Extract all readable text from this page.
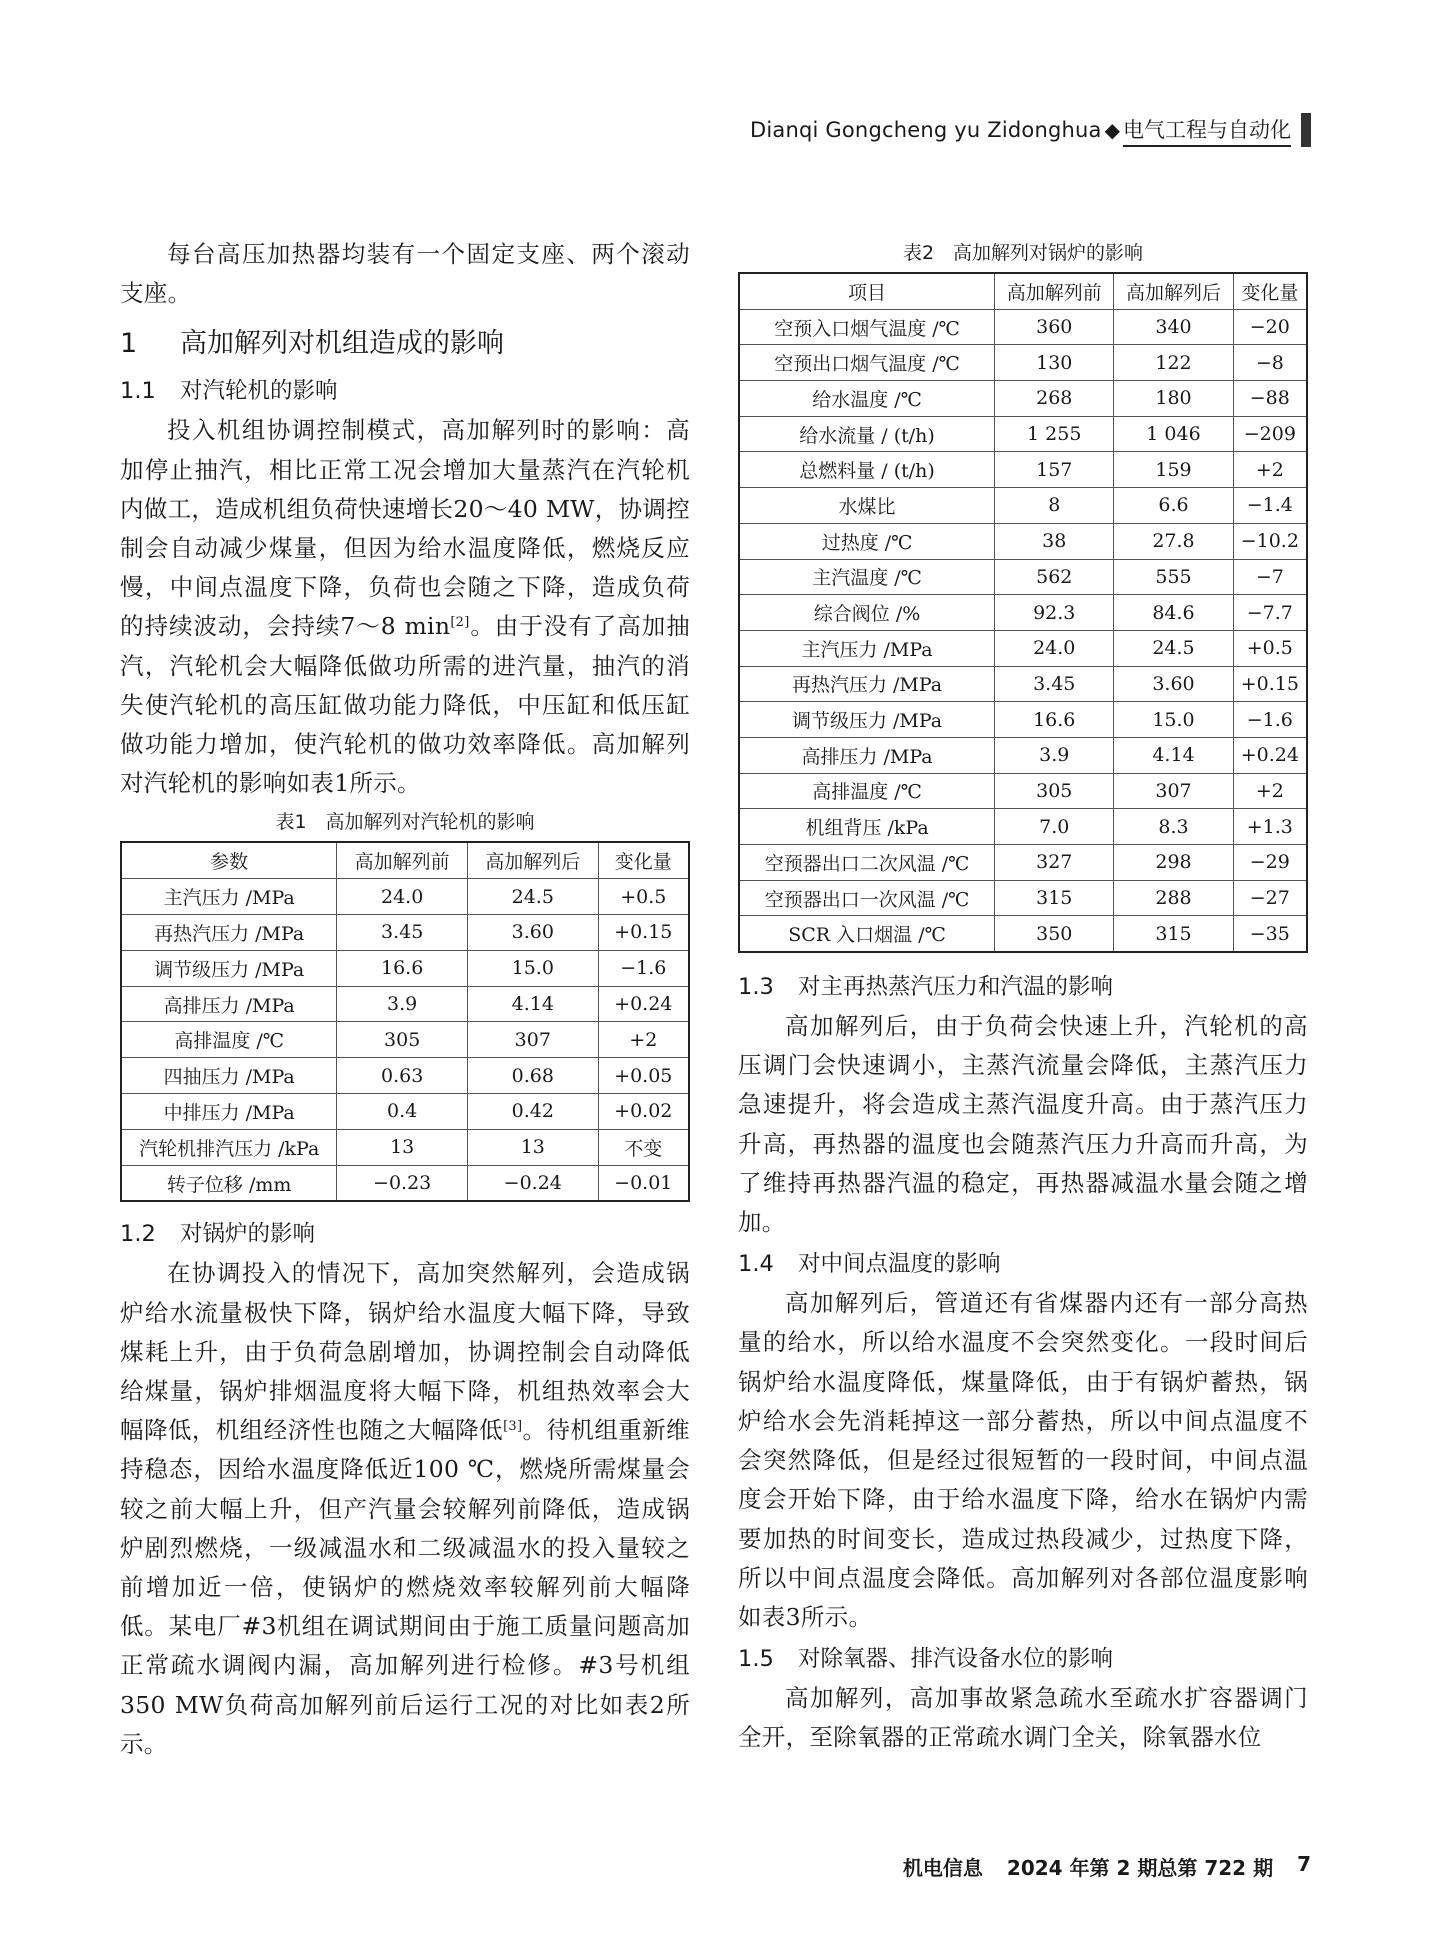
Dianqi Gongcheng yu Zidonghua ◆ 电气工程与自动化

每台高压加热器均装有一个固定支座、两个滚动支座。

1 高加解列对机组造成的影响
1.1 对汽轮机的影响

投入机组协调控制模式，高加解列时的影响：高加停止抽汽，相比正常工况会增加大量蒸汽在汽轮机内做工，造成机组负荷快速增长20～40 MW，协调控制会自动减少煤量，但因为给水温度降低，燃烧反应慢，中间点温度下降，负荷也会随之下降，造成负荷的持续波动，会持续7～8 min[2]。由于没有了高加抽汽，汽轮机会大幅降低做功所需的进汽量，抽汽的消失使汽轮机的高压缸做功能力降低，中压缸和低压缸做功能力增加，使汽轮机的做功效率降低。高加解列对汽轮机的影响如表1所示。

表1　高加解列对汽轮机的影响
参数	高加解列前	高加解列后	变化量
主汽压力 /MPa	24.0	24.5	+0.5
再热汽压力 /MPa	3.45	3.60	+0.15
调节级压力 /MPa	16.6	15.0	−1.6
高排压力 /MPa	3.9	4.14	+0.24
高排温度 /℃	305	307	+2
四抽压力 /MPa	0.63	0.68	+0.05
中排压力 /MPa	0.4	0.42	+0.02
汽轮机排汽压力 /kPa	13	13	不变
转子位移 /mm	−0.23	−0.24	−0.01
1.2 对锅炉的影响

在协调投入的情况下，高加突然解列，会造成锅炉给水流量极快下降，锅炉给水温度大幅下降，导致煤耗上升，由于负荷急剧增加，协调控制会自动降低给煤量，锅炉排烟温度将大幅下降，机组热效率会大幅降低，机组经济性也随之大幅降低[3]。待机组重新维持稳态，因给水温度降低近100 ℃，燃烧所需煤量会较之前大幅上升，但产汽量会较解列前降低，造成锅炉剧烈燃烧，一级减温水和二级减温水的投入量较之前增加近一倍，使锅炉的燃烧效率较解列前大幅降低。某电厂#3机组在调试期间由于施工质量问题高加正常疏水调阀内漏，高加解列进行检修。#3号机组350 MW负荷高加解列前后运行工况的对比如表2所示。

表2　高加解列对锅炉的影响
项目	高加解列前	高加解列后	变化量
空预入口烟气温度 /℃	360	340	−20
空预出口烟气温度 /℃	130	122	−8
给水温度 /℃	268	180	−88
给水流量 / (t/h)	1 255	1 046	−209
总燃料量 / (t/h)	157	159	+2
水煤比	8	6.6	−1.4
过热度 /℃	38	27.8	−10.2
主汽温度 /℃	562	555	−7
综合阀位 /%	92.3	84.6	−7.7
主汽压力 /MPa	24.0	24.5	+0.5
再热汽压力 /MPa	3.45	3.60	+0.15
调节级压力 /MPa	16.6	15.0	−1.6
高排压力 /MPa	3.9	4.14	+0.24
高排温度 /℃	305	307	+2
机组背压 /kPa	7.0	8.3	+1.3
空预器出口二次风温 /℃	327	298	−29
空预器出口一次风温 /℃	315	288	−27
SCR 入口烟温 /℃	350	315	−35
1.3 对主再热蒸汽压力和汽温的影响

高加解列后，由于负荷会快速上升，汽轮机的高压调门会快速调小，主蒸汽流量会降低，主蒸汽压力急速提升，将会造成主蒸汽温度升高。由于蒸汽压力升高，再热器的温度也会随蒸汽压力升高而升高，为了维持再热器汽温的稳定，再热器减温水量会随之增加。

1.4 对中间点温度的影响

高加解列后，管道还有省煤器内还有一部分高热量的给水，所以给水温度不会突然变化。一段时间后锅炉给水温度降低，煤量降低，由于有锅炉蓄热，锅炉给水会先消耗掉这一部分蓄热，所以中间点温度不会突然降低，但是经过很短暂的一段时间，中间点温度会开始下降，由于给水温度下降，给水在锅炉内需要加热的时间变长，造成过热段减少，过热度下降，所以中间点温度会降低。高加解列对各部位温度影响如表3所示。

1.5 对除氧器、排汽设备水位的影响

高加解列，高加事故紧急疏水至疏水扩容器调门全开，至除氧器的正常疏水调门全关，除氧器水位

机电信息 2024 年第 2 期总第 722 期 7
